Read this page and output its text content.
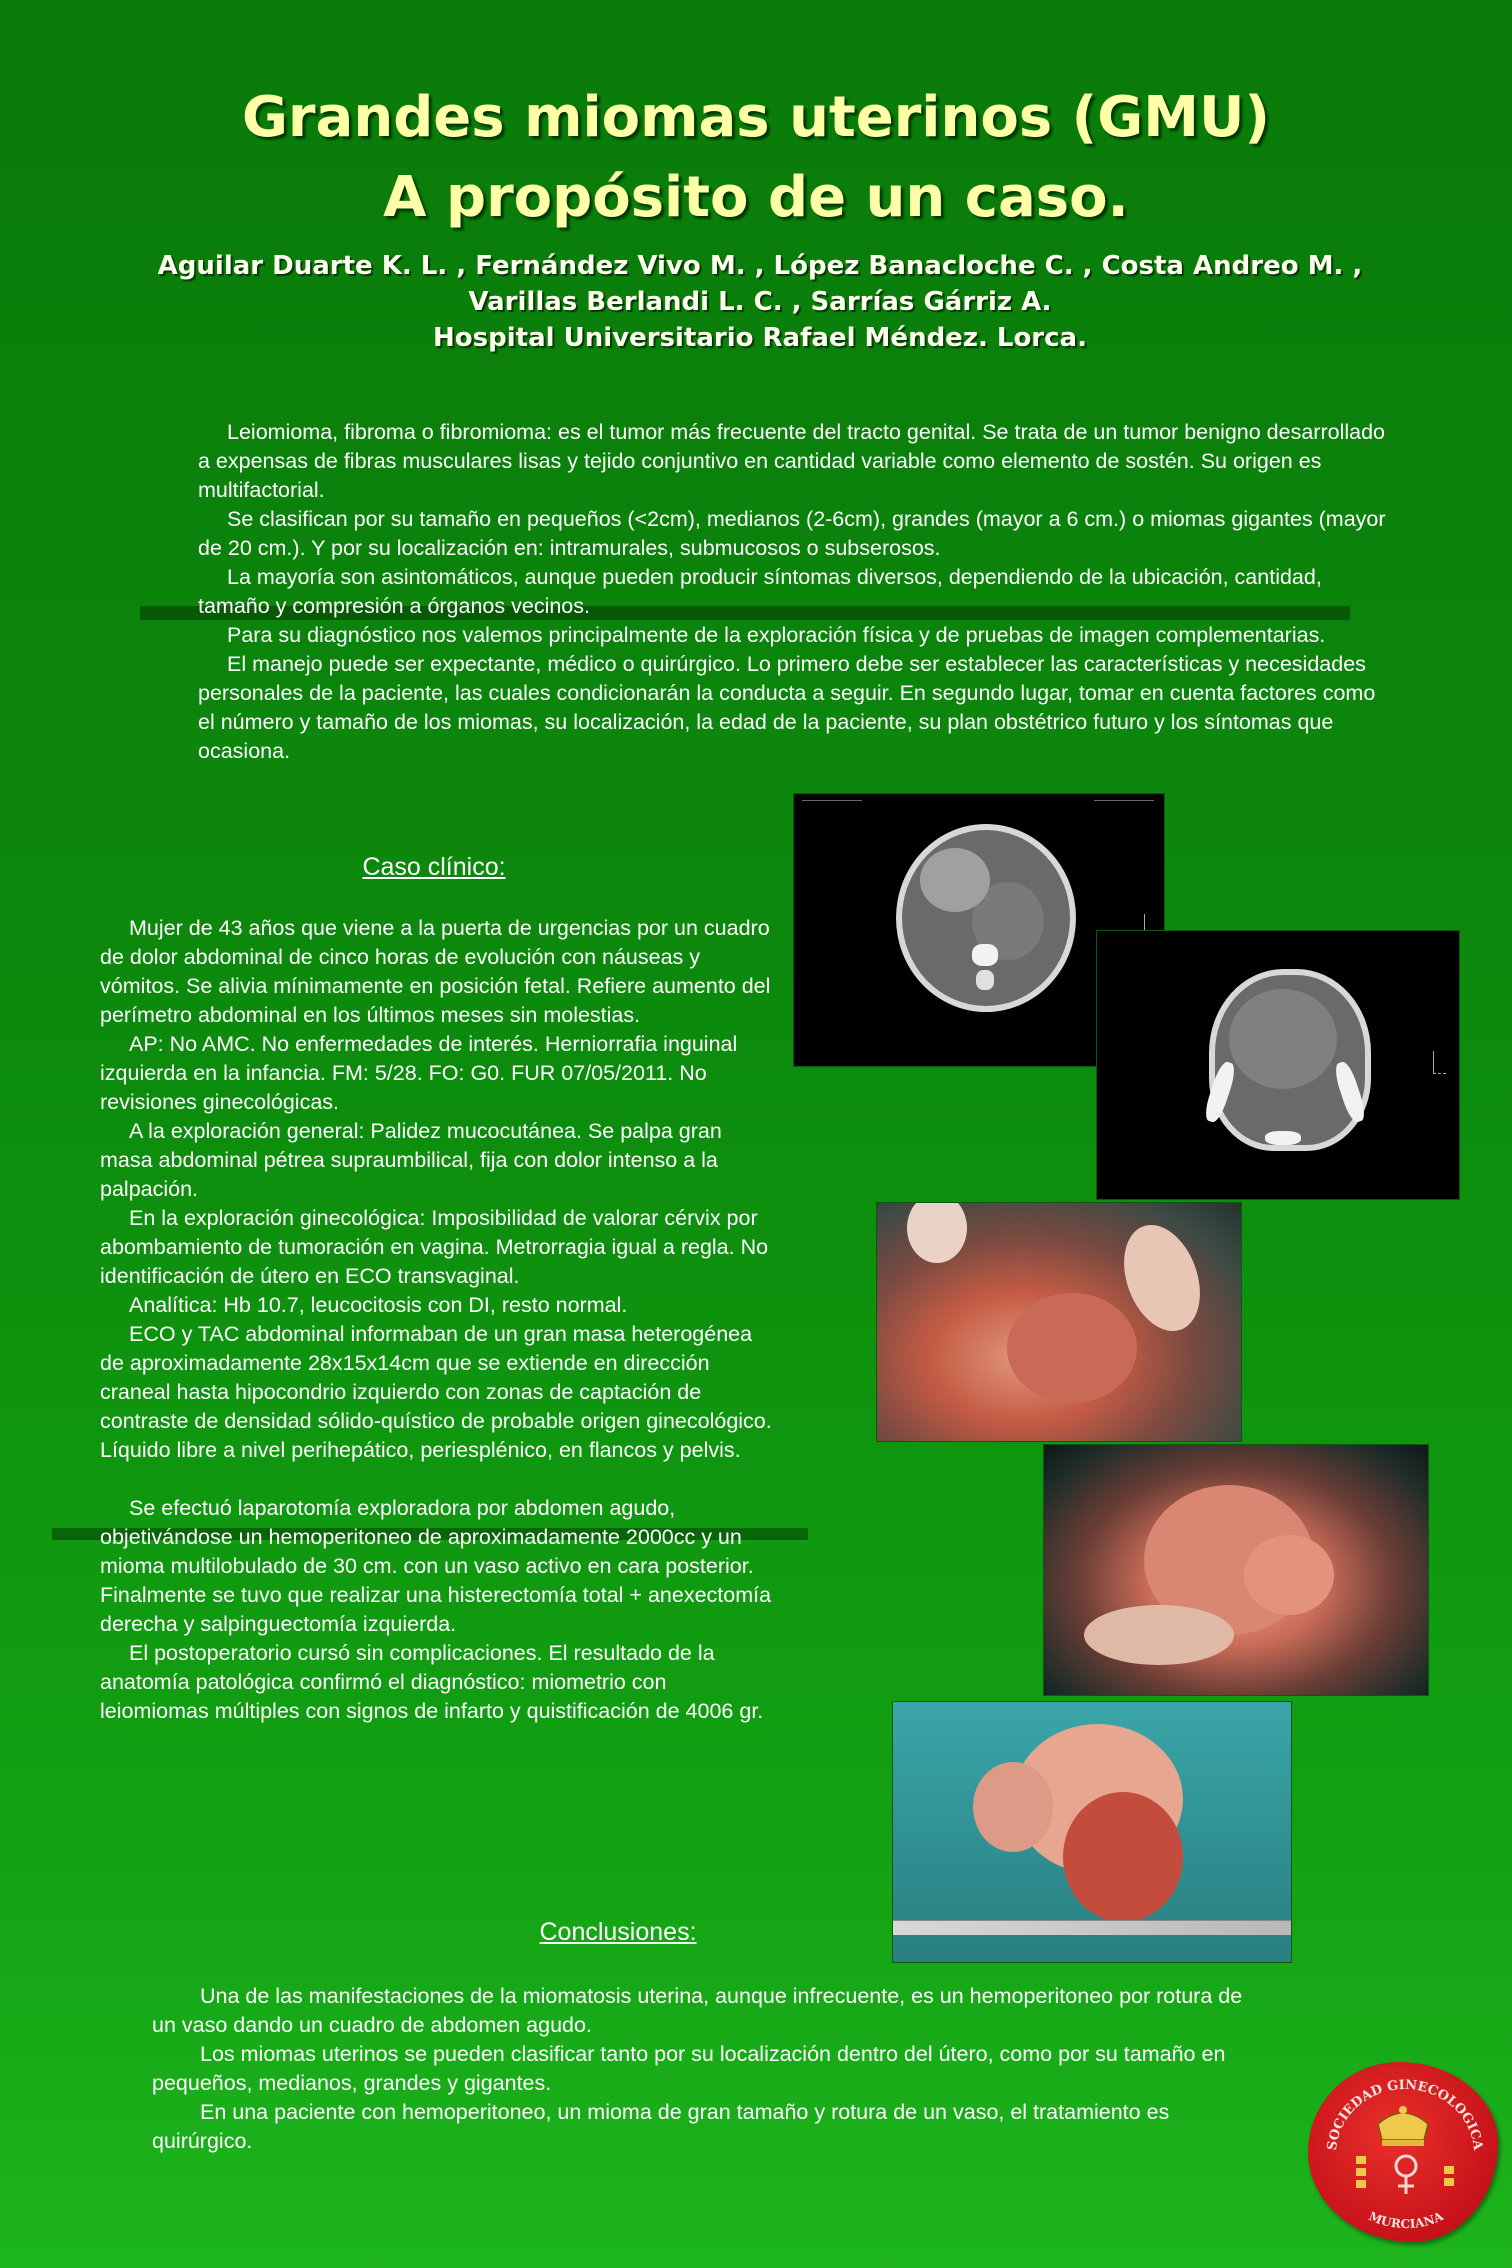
Grandes miomas uterinos (GMU)
A propósito de un caso.
Aguilar Duarte K. L. , Fernández Vivo M. , López Banacloche C. , Costa Andreo M. ,
Varillas Berlandi L. C. , Sarrías Gárriz A.
Hospital Universitario Rafael Méndez. Lorca.

Leiomioma, fibroma o fibromioma: es el tumor más frecuente del tracto genital. Se trata de un tumor benigno desarrollado a expensas de fibras musculares lisas y tejido conjuntivo en cantidad variable como elemento de sostén. Su origen es multifactorial.

Se clasifican por su tamaño en pequeños (<2cm), medianos (2-6cm), grandes (mayor a 6 cm.) o miomas gigantes (mayor de 20 cm.). Y por su localización en: intramurales, submucosos o subserosos.

La mayoría son asintomáticos, aunque pueden producir síntomas diversos, dependiendo de la ubicación, cantidad, tamaño y compresión a órganos vecinos.

Para su diagnóstico nos valemos principalmente de la exploración física y de pruebas de imagen complementarias.

El manejo puede ser expectante, médico o quirúrgico. Lo primero debe ser establecer las características y necesidades personales de la paciente, las cuales condicionarán la conducta a seguir. En segundo lugar, tomar en cuenta factores como el número y tamaño de los miomas, su localización, la edad de la paciente, su plan obstétrico futuro y los síntomas que ocasiona.

Caso clínico:

Mujer de 43 años que viene a la puerta de urgencias por un cuadro de dolor abdominal de cinco horas de evolución con náuseas y vómitos. Se alivia mínimamente en posición fetal. Refiere aumento del perímetro abdominal en los últimos meses sin molestias.

AP: No AMC. No enfermedades de interés. Herniorrafia inguinal izquierda en la infancia. FM: 5/28. FO: G0. FUR 07/05/2011. No revisiones ginecológicas.

A la exploración general: Palidez mucocutánea. Se palpa gran masa abdominal pétrea supraumbilical, fija con dolor intenso a la palpación.

En la exploración ginecológica: Imposibilidad de valorar cérvix por abombamiento de tumoración en vagina. Metrorragia igual a regla. No identificación de útero en ECO transvaginal.

Analítica: Hb 10.7, leucocitosis con DI, resto normal.

ECO y TAC abdominal informaban de un gran masa heterogénea de aproximadamente 28x15x14cm que se extiende en dirección craneal hasta hipocondrio izquierdo con zonas de captación de contraste de densidad sólido-quístico de probable origen ginecológico. Líquido libre a nivel perihepático, periesplénico, en flancos y pelvis.

Se efectuó laparotomía exploradora por abdomen agudo, objetivándose un hemoperitoneo de aproximadamente 2000cc y un mioma multilobulado de 30 cm. con un vaso activo en cara posterior. Finalmente se tuvo que realizar una histerectomía total + anexectomía derecha y salpinguectomía izquierda.

El postoperatorio cursó sin complicaciones. El resultado de la anatomía patológica confirmó el diagnóstico: miometrio con leiomiomas múltiples con signos de infarto y quistificación de 4006 gr.

Conclusiones:

Una de las manifestaciones de la miomatosis uterina, aunque infrecuente, es un hemoperitoneo por rotura de un vaso dando un cuadro de abdomen agudo.

Los miomas uterinos se pueden clasificar tanto por su localización dentro del útero, como por su tamaño en pequeños, medianos, grandes y gigantes.

En una paciente con hemoperitoneo, un mioma de gran tamaño y rotura de un vaso, el tratamiento es quirúrgico.	SOCIEDAD GINECOLOGICA
MURCIANA
